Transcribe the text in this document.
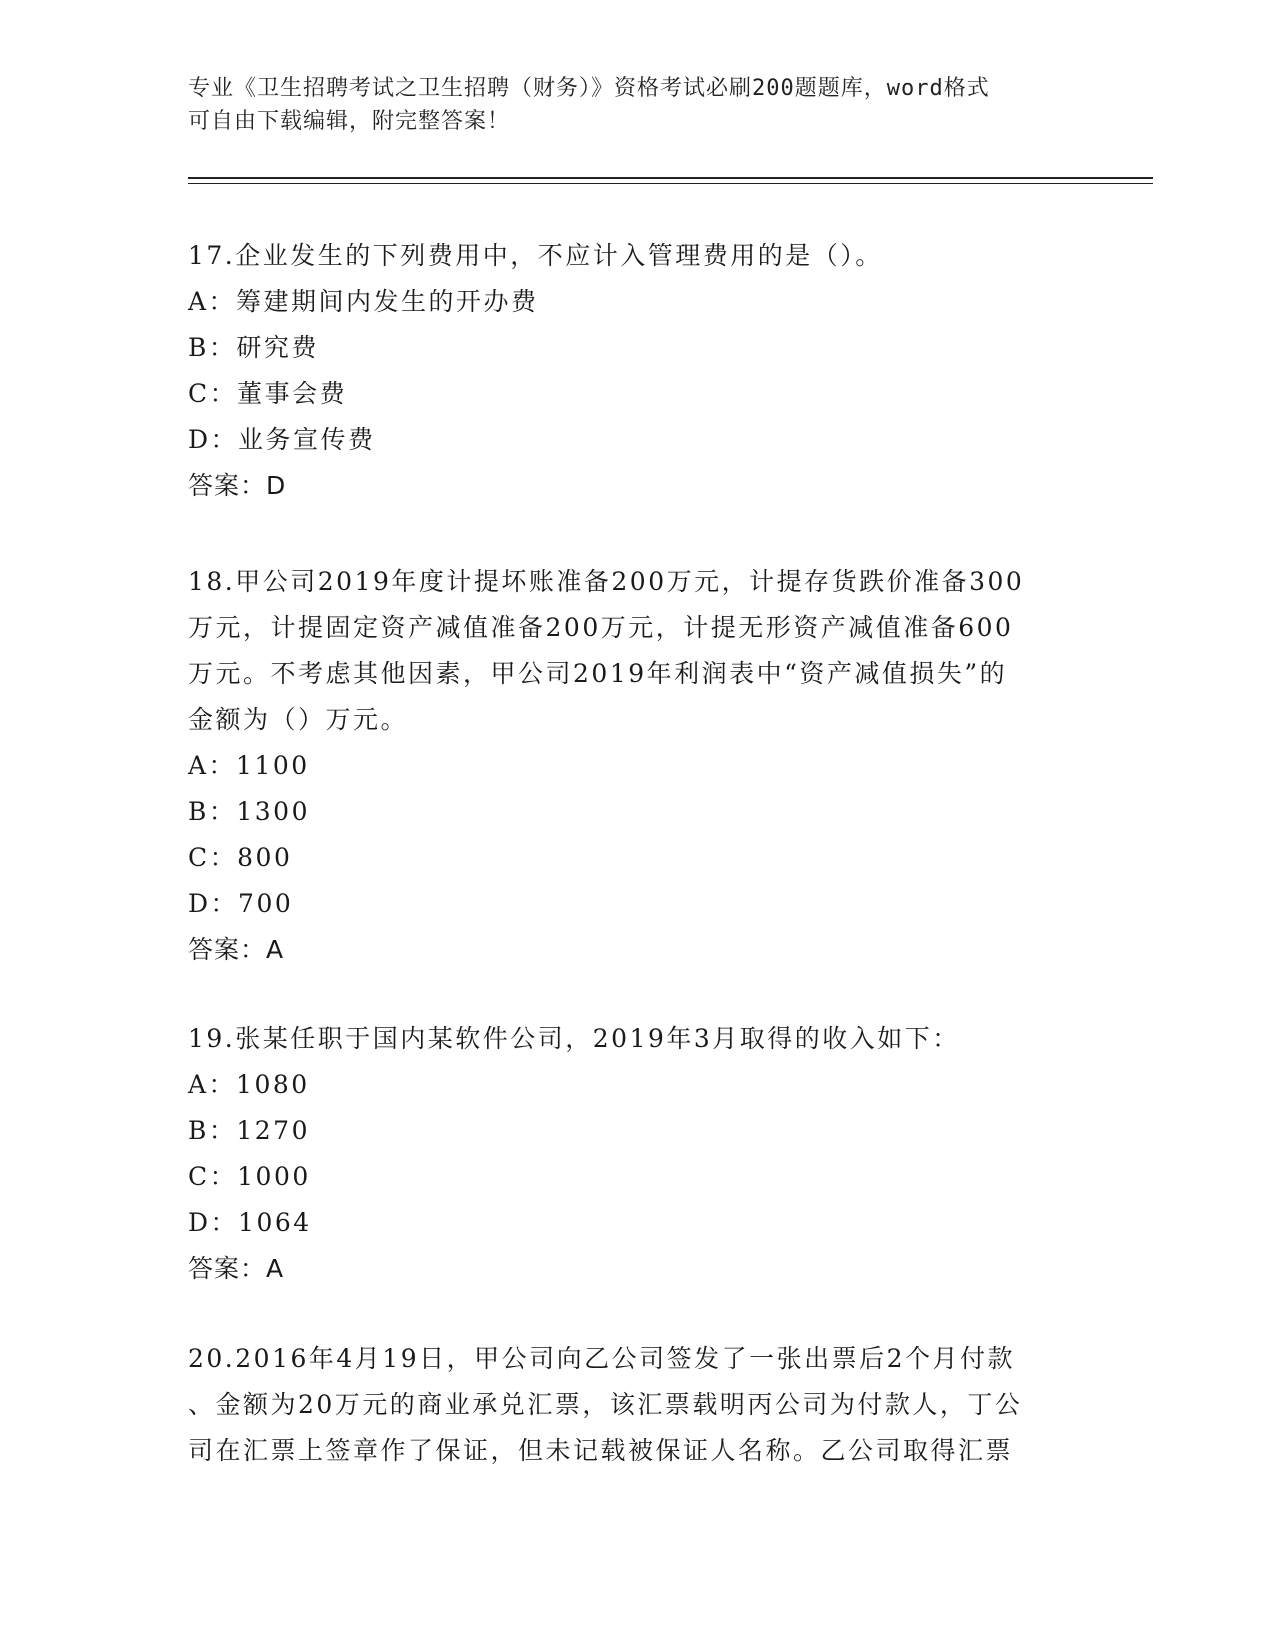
专业《卫生招聘考试之卫生招聘（财务）》资格考试必刷200题题库，word格式
可自由下载编辑，附完整答案！
17.企业发生的下列费用中，不应计入管理费用的是（）。
A：筹建期间内发生的开办费
B：研究费
C：董事会费
D：业务宣传费
答案：D
18.甲公司2019年度计提坏账准备200万元，计提存货跌价准备300
万元，计提固定资产减值准备200万元，计提无形资产减值准备600
万元。不考虑其他因素，甲公司2019年利润表中“资产减值损失”的
金额为（）万元。
A：1100
B：1300
C：800
D：700
答案：A
19.张某任职于国内某软件公司，2019年3月取得的收入如下：
A：1080
B：1270
C：1000
D：1064
答案：A
20.2016年4月19日，甲公司向乙公司签发了一张出票后2个月付款
、金额为20万元的商业承兑汇票，该汇票载明丙公司为付款人，丁公
司在汇票上签章作了保证，但未记载被保证人名称。乙公司取得汇票
